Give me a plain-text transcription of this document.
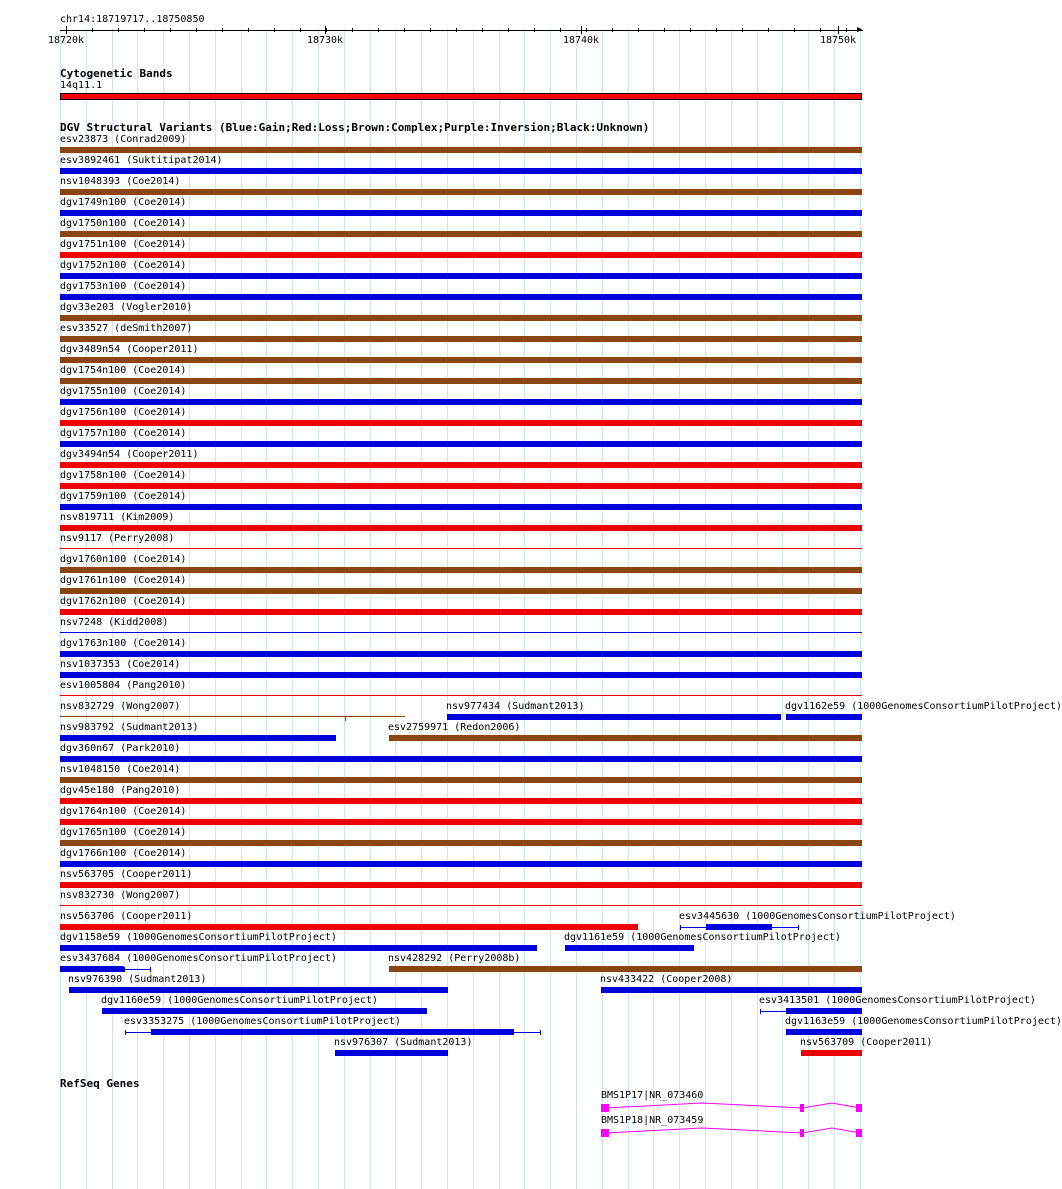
chr14:18719717..18750850
18720k	18730k	18740k	18750k
▶
Cytogenetic Bands
14q11.1
DGV Structural Variants (Blue:Gain;Red:Loss;Brown:Complex;Purple:Inversion;Black:Unknown)
esv23873 (Conrad2009)
esv3892461 (Suktitipat2014)
nsv1048393 (Coe2014)
dgv1749n100 (Coe2014)
dgv1750n100 (Coe2014)
dgv1751n100 (Coe2014)
dgv1752n100 (Coe2014)
dgv1753n100 (Coe2014)
dgv33e203 (Vogler2010)
esv33527 (deSmith2007)
dgv3489n54 (Cooper2011)
dgv1754n100 (Coe2014)
dgv1755n100 (Coe2014)
dgv1756n100 (Coe2014)
dgv1757n100 (Coe2014)
dgv3494n54 (Cooper2011)
dgv1758n100 (Coe2014)
dgv1759n100 (Coe2014)
nsv819711 (Kim2009)
nsv9117 (Perry2008)
dgv1760n100 (Coe2014)
dgv1761n100 (Coe2014)
dgv1762n100 (Coe2014)
nsv7248 (Kidd2008)
dgv1763n100 (Coe2014)
nsv1037353 (Coe2014)
esv1005804 (Pang2010)
nsv832729 (Wong2007)	nsv977434 (Sudmant2013)	dgv1162e59 (1000GenomesConsortiumPilotProject)
nsv983792 (Sudmant2013)	esv2759971 (Redon2006)
dgv360n67 (Park2010)
nsv1048150 (Coe2014)
dgv45e180 (Pang2010)
dgv1764n100 (Coe2014)
dgv1765n100 (Coe2014)
dgv1766n100 (Coe2014)
nsv563705 (Cooper2011)
nsv832730 (Wong2007)
nsv563706 (Cooper2011)	esv3445630 (1000GenomesConsortiumPilotProject)
dgv1158e59 (1000GenomesConsortiumPilotProject)	dgv1161e59 (1000GenomesConsortiumPilotProject)
esv3437684 (1000GenomesConsortiumPilotProject)	nsv428292 (Perry2008b)
nsv976390 (Sudmant2013)	nsv433422 (Cooper2008)
dgv1160e59 (1000GenomesConsortiumPilotProject)	esv3413501 (1000GenomesConsortiumPilotProject)
esv3353275 (1000GenomesConsortiumPilotProject)	dgv1163e59 (1000GenomesConsortiumPilotProject)
nsv976307 (Sudmant2013)	nsv563709 (Cooper2011)
RefSeq Genes
BMS1P17|NR_073460
BMS1P18|NR_073459
